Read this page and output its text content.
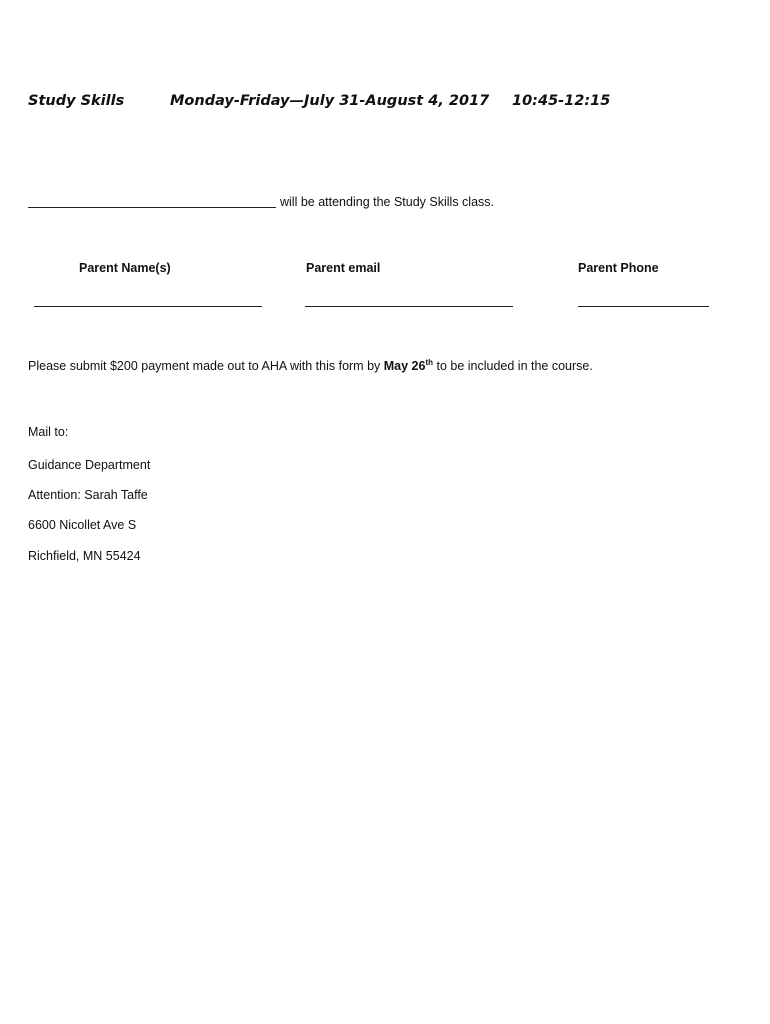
Study Skills	Monday-Friday—July 31-August 4, 2017 10:45-12:15
will be attending the Study Skills class.
Parent Name(s)	Parent email	Parent Phone
Please submit $200 payment made out to AHA with this form by May 26th to be included in the course.
Mail to:
Guidance Department
Attention: Sarah Taffe
6600 Nicollet Ave S
Richfield, MN 55424
